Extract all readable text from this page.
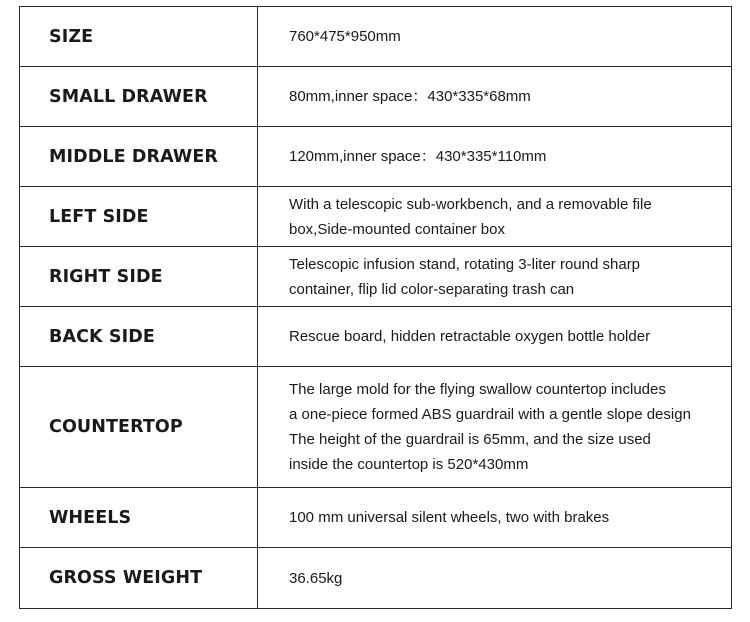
SIZE	760*475*950mm

SMALL DRAWER	80mm,inner space：430*335*68mm

MIDDLE DRAWER	120mm,inner space：430*335*110mm

LEFT SIDE	With a telescopic sub-workbench, and a removable file
box,Side-mounted container box

RIGHT SIDE	Telescopic infusion stand, rotating 3-liter round sharp
container, flip lid color-separating trash can

BACK SIDE	Rescue board, hidden retractable oxygen bottle holder

COUNTERTOP	The large mold for the flying swallow countertop includes
a one-piece formed ABS guardrail with a gentle slope design
The height of the guardrail is 65mm, and the size used
inside the countertop is 520*430mm

WHEELS	100 mm universal silent wheels, two with brakes

GROSS WEIGHT	36.65kg
